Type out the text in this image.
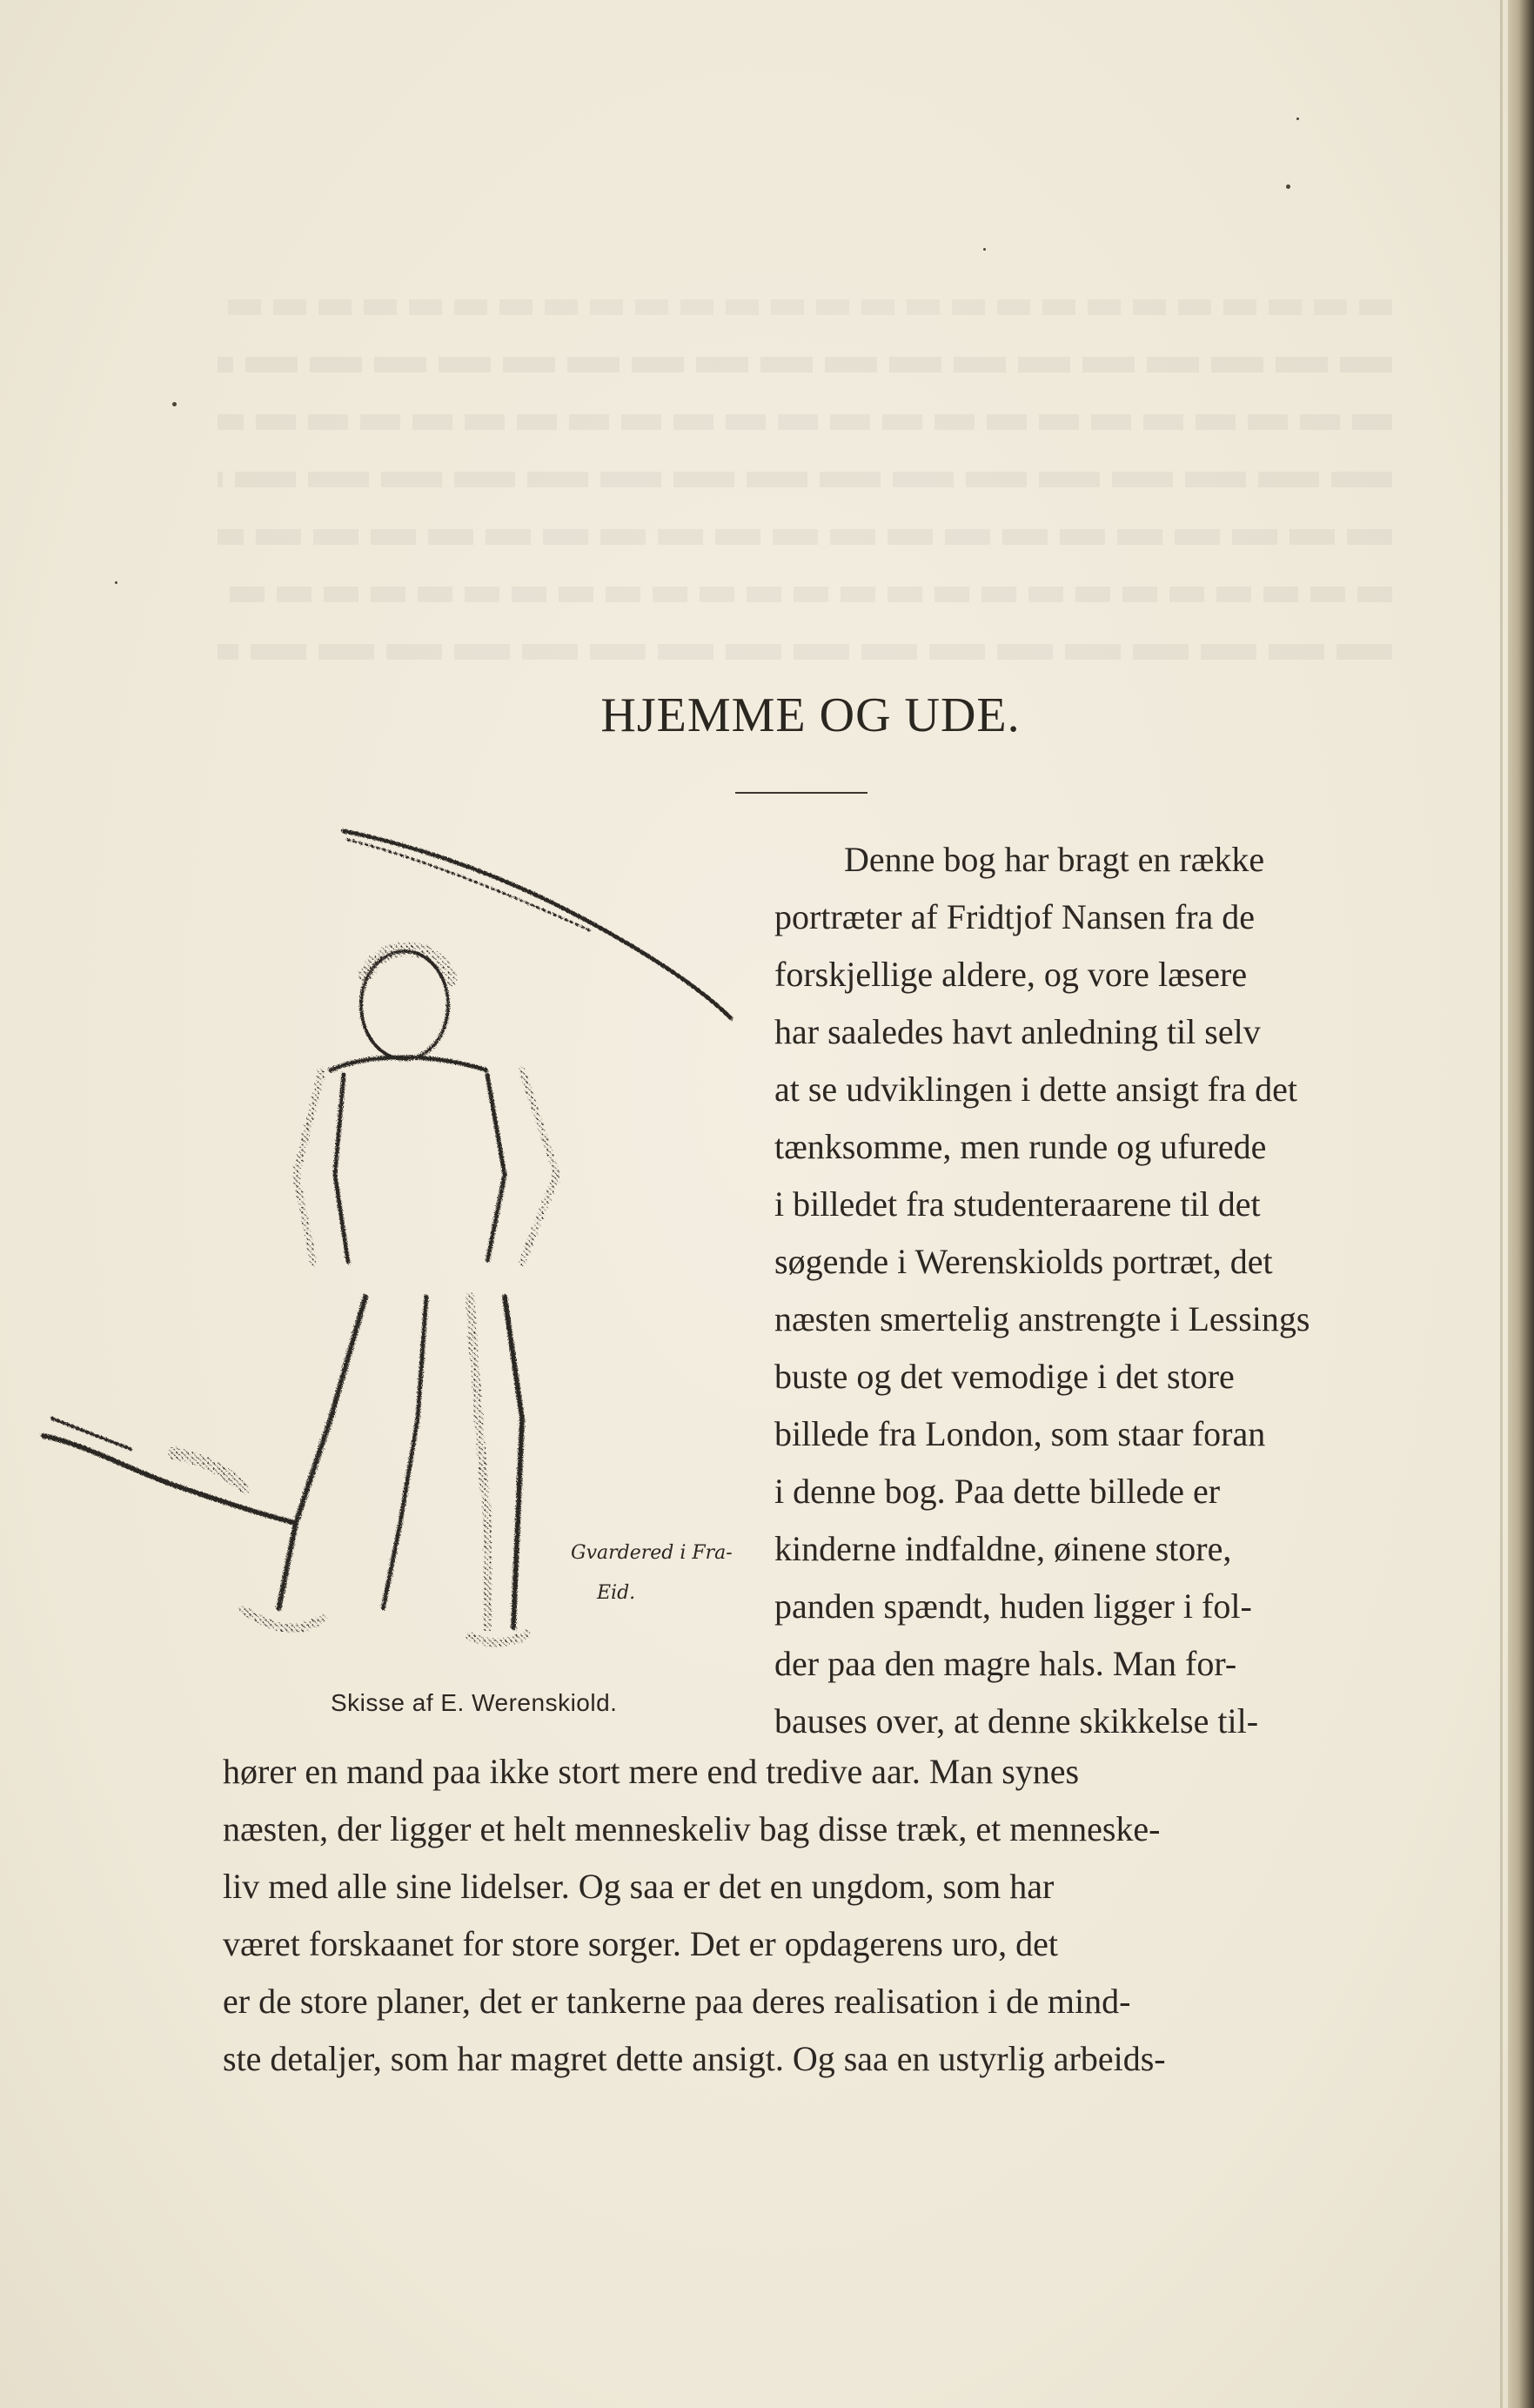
HJEMME OG UDE.
Gvardered i Fra-
Eid.
Skisse af E. Werenskiold.
Denne bog har bragt en række
portræter af Fridtjof Nansen fra de
forskjellige aldere, og vore læsere
har saaledes havt anledning til selv
at se udviklingen i dette ansigt fra det
tænksomme, men runde og ufurede
i billedet fra studenteraarene til det
søgende i Werenskiolds portræt, det
næsten smertelig anstrengte i Lessings
buste og det vemodige i det store
billede fra London, som staar foran
i denne bog. Paa dette billede er
kinderne indfaldne, øinene store,
panden spændt, huden ligger i fol-
der paa den magre hals. Man for-
bauses over, at denne skikkelse til-
hører en mand paa ikke stort mere end tredive aar. Man synes
næsten, der ligger et helt menneskeliv bag disse træk, et menneske-
liv med alle sine lidelser. Og saa er det en ungdom, som har
været forskaanet for store sorger. Det er opdagerens uro, det
er de store planer, det er tankerne paa deres realisation i de mind-
ste detaljer, som har magret dette ansigt. Og saa en ustyrlig arbeids-
